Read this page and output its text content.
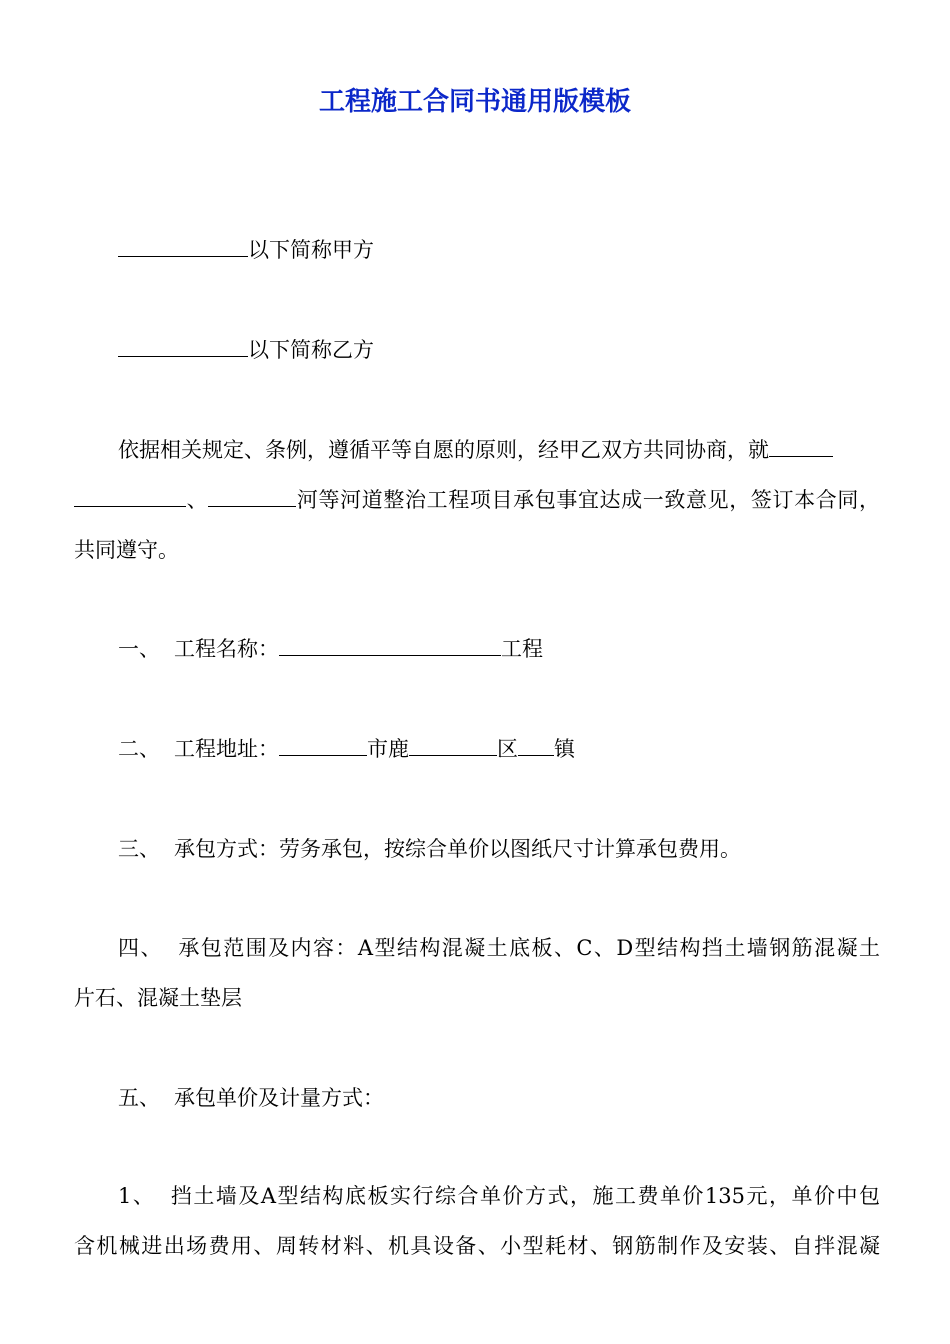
工程施工合同书通用版模板
以下简称甲方
以下简称乙方
依据相关规定、条例，遵循平等自愿的原则，经甲乙双方共同协商，就
、	河等河道整治工程项目承包事宜达成一致意见，签订本合同，
共同遵守。
一、 工程名称：	工程
二、 工程地址：	市鹿	区 镇
三、 承包方式：劳务承包，按综合单价以图纸尺寸计算承包费用。
四、 承包范围及内容：A型结构混凝土底板、C、D型结构挡土墙钢筋混凝土
片石、混凝土垫层
五、 承包单价及计量方式：
1、 挡土墙及A型结构底板实行综合单价方式，施工费单价135元，单价中包
含机械进出场费用、周转材料、机具设备、小型耗材、钢筋制作及安装、自拌混凝
